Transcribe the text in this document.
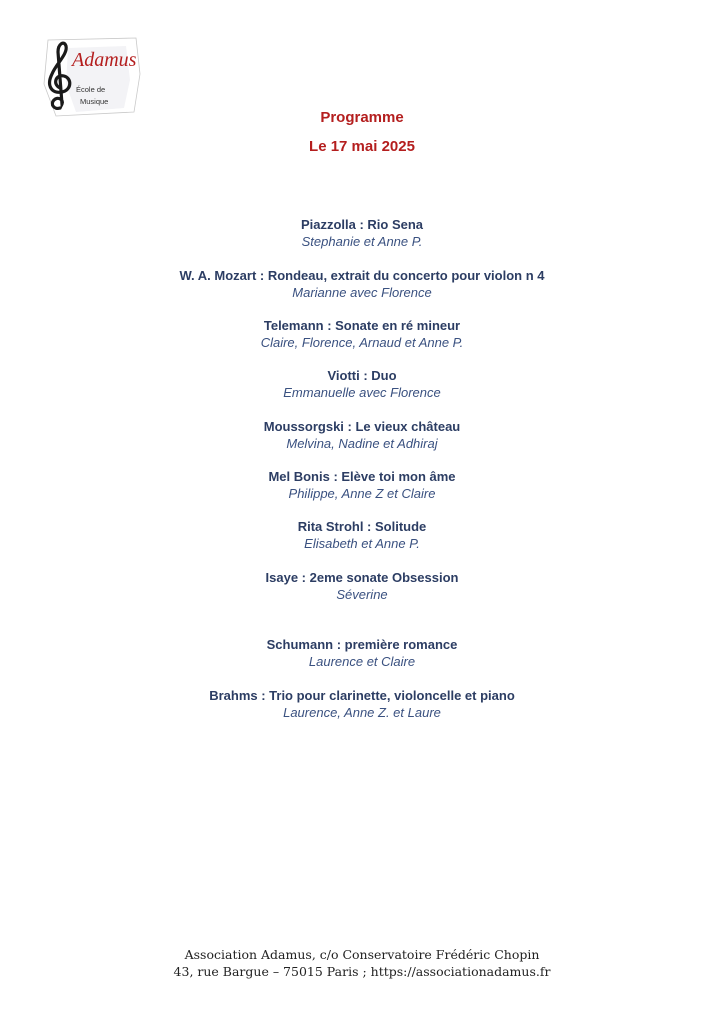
Adamus
École de
Musique
Programme
Le 17 mai 2025
Piazzolla : Rio Sena
Stephanie et Anne P.
W. A. Mozart : Rondeau, extrait du concerto pour violon n 4
Marianne avec Florence
Telemann : Sonate en ré mineur
Claire, Florence, Arnaud et Anne P.
Viotti : Duo
Emmanuelle avec Florence
Moussorgski : Le vieux château
Melvina, Nadine et Adhiraj
Mel Bonis : Elève toi mon âme
Philippe, Anne Z et Claire
Rita Strohl : Solitude
Elisabeth et Anne P.
Isaye : 2eme sonate Obsession
Séverine
Schumann : première romance
Laurence et Claire
Brahms : Trio pour clarinette, violoncelle et piano
Laurence, Anne Z. et Laure
Association Adamus, c/o Conservatoire Frédéric Chopin
43, rue Bargue – 75015 Paris ; https://associationadamus.fr
